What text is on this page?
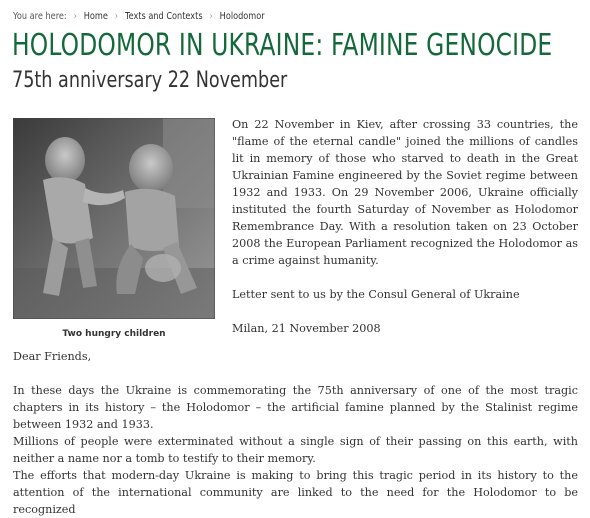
You are here: › Home › Texts and Contexts › Holodomor
HOLODOMOR IN UKRAINE: FAMINE GENOCIDE
75th anniversary 22 November
Two hungry children

On 22 November in Kiev, after crossing 33 countries, the "flame of the eternal candle" joined the millions of candles lit in memory of those who starved to death in the Great Ukrainian Famine engineered by the Soviet regime between 1932 and 1933. On 29 November 2006, Ukraine officially instituted the fourth Saturday of November as Holodomor Remembrance Day. With a resolution taken on 23 October 2008 the European Parliament recognized the Holodomor as a crime against humanity.

Letter sent to us by the Consul General of Ukraine

Milan, 21 November 2008

Dear Friends,

In these days the Ukraine is commemorating the 75th anniversary of one of the most tragic chapters in its history – the Holodomor – the artificial famine planned by the Stalinist regime between 1932 and 1933.

Millions of people were exterminated without a single sign of their passing on this earth, with neither a name nor a tomb to testify to their memory.

The efforts that modern-day Ukraine is making to bring this tragic period in its history to the attention of the international community are linked to the need for the Holodomor to be recognized
